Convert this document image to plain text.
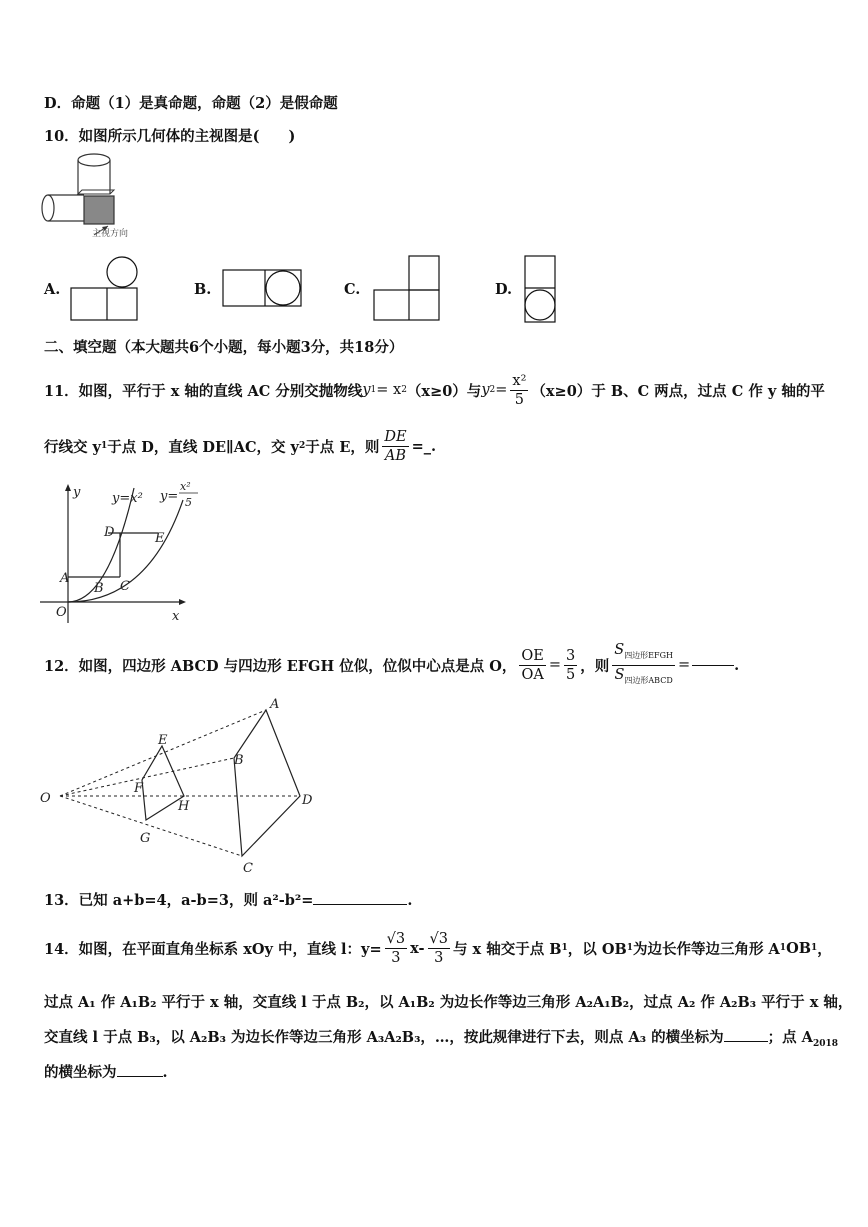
D．命题（1）是真命题，命题（2）是假命题
10．如图所示几何体的主视图是(　　)
主视方向
A.	B.	C.	D.
二、填空题（本大题共6个小题，每小题3分，共18分）
11．如图，平行于 x 轴的直线 AC 分别交抛物线 y 1 = x 2 （x≥0）与 y $2 = \frac{\text{x²}}{5} (x\ge 0)$于 B、C 两点，过点 C 作 y 轴的平
行线交 y 1 于点 D，直线 DE∥AC，交 y 2 于点 E，则 $\frac{DE}{AB}$ =_.
y
x
O
A
B C
D	E
y=x² y=
x²
5
12．如图，四边形 ABCD 与四边形 EFGH 位似，位似中心点是点 O， $\frac{OE}{OA} = \frac{3}{5}$ ，则 $\frac{S_{四边形EFGH}}{S_{四边形ABCD}}$ =	.
O
A
B
C
D
E
F
G
H
13．已知 a+b=4，a-b=3，则 a²-b²=	.
14．如图，在平面直角坐标系 xOy 中，直线 l：$y= \frac{√3}{3} x- \frac{√3}{3}$ 与 x 轴交于点 B 1 ，以 OB 1 为边长作等边三角形 A 1 OB 1 ，
过点 A₁ 作 A₁B₂ 平行于 x 轴，交直线 l 于点 B₂，以 A₁B₂ 为边长作等边三角形 A₂A₁B₂，过点 A₂ 作 A₂B₃ 平行于 x 轴，
交直线 l 于点 B₃，以 A₂B₃ 为边长作等边三角形 A₃A₂B₃，…，按此规律进行下去，则点 A₃ 的横坐标为	；点 $A_{2018}$
的横坐标为	.
